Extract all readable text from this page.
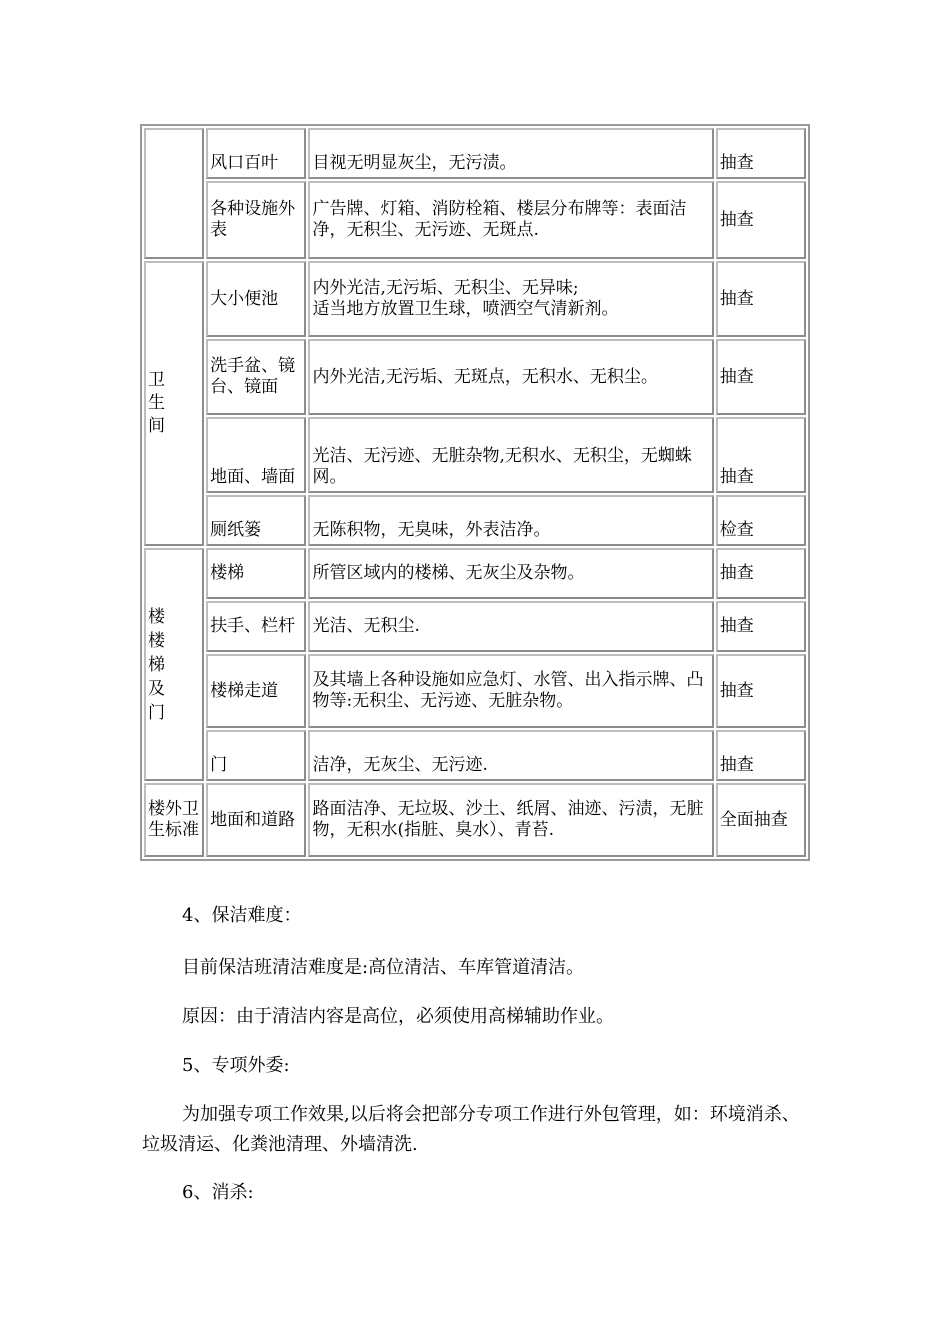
	风口百叶	目视无明显灰尘，无污渍。	抽查
	各种设施外表	广告牌、灯箱、消防栓箱、楼层分布牌等：表面洁净，无积尘、无污迹、无斑点.	抽查

卫生间	大小便池	内外光洁,无污垢、无积尘、无异味;
适当地方放置卫生球，喷洒空气清新剂。	抽查
	洗手盆、镜台、镜面	内外光洁,无污垢、无斑点，无积水、无积尘。	抽查
	地面、墙面	光洁、无污迹、无脏杂物,无积水、无积尘，无蜘蛛网。	抽查
	厕纸篓	无陈积物，无臭味，外表洁净。	检查

楼楼梯及门	楼梯	所管区域内的楼梯、无灰尘及杂物。	抽查
	扶手、栏杆	光洁、无积尘.	抽查
	楼梯走道	及其墙上各种设施如应急灯、水管、出入指示牌、凸物等:无积尘、无污迹、无脏杂物。	抽查
	门	洁净，无灰尘、无污迹.	抽查
楼外卫生标准	地面和道路	路面洁净、无垃圾、沙土、纸屑、油迹、污渍，无脏物，无积水(指脏、臭水）、青苔.	全面抽查

4、保洁难度：

目前保洁班清洁难度是:高位清洁、车库管道清洁。

原因：由于清洁内容是高位，必须使用高梯辅助作业。

5、专项外委:

为加强专项工作效果,以后将会把部分专项工作进行外包管理，如：环境消杀、垃圾清运、化粪池清理、外墙清洗.

6、消杀:
